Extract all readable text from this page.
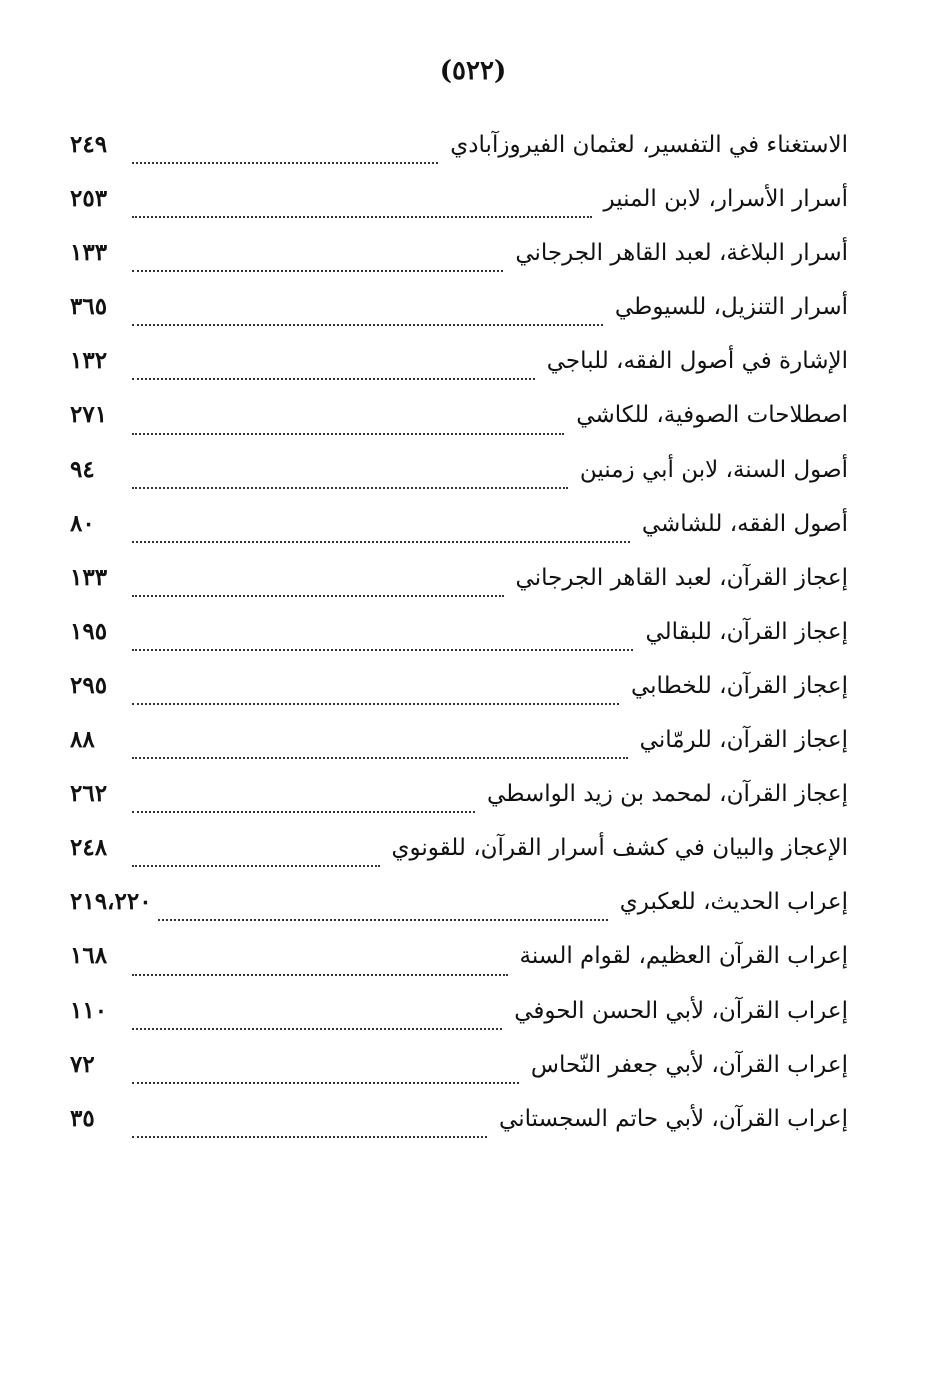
(٥٢٢)
الاستغناء في التفسير، لعثمان الفيروزآبادي
٢٤٩
أسرار الأسرار، لابن المنير
٢٥٣
أسرار البلاغة، لعبد القاهر الجرجاني
١٣٣
أسرار التنزيل، للسيوطي
٣٦٥
الإشارة في أصول الفقه، للباجي
١٣٢
اصطلاحات الصوفية، للكاشي
٢٧١
أصول السنة، لابن أبي زمنين
٩٤
أصول الفقه، للشاشي
٨٠
إعجاز القرآن، لعبد القاهر الجرجاني
١٣٣
إعجاز القرآن، للبقالي
١٩٥
إعجاز القرآن، للخطابي
٢٩٥
إعجاز القرآن، للرمّاني
٨٨
إعجاز القرآن، لمحمد بن زيد الواسطي
٢٦٢
الإعجاز والبيان في كشف أسرار القرآن، للقونوي
٢٤٨
إعراب الحديث، للعكبري
٢١٩،٢٢٠
إعراب القرآن العظيم، لقوام السنة
١٦٨
إعراب القرآن، لأبي الحسن الحوفي
١١٠
إعراب القرآن، لأبي جعفر النّحاس
٧٢
إعراب القرآن، لأبي حاتم السجستاني
٣٥
